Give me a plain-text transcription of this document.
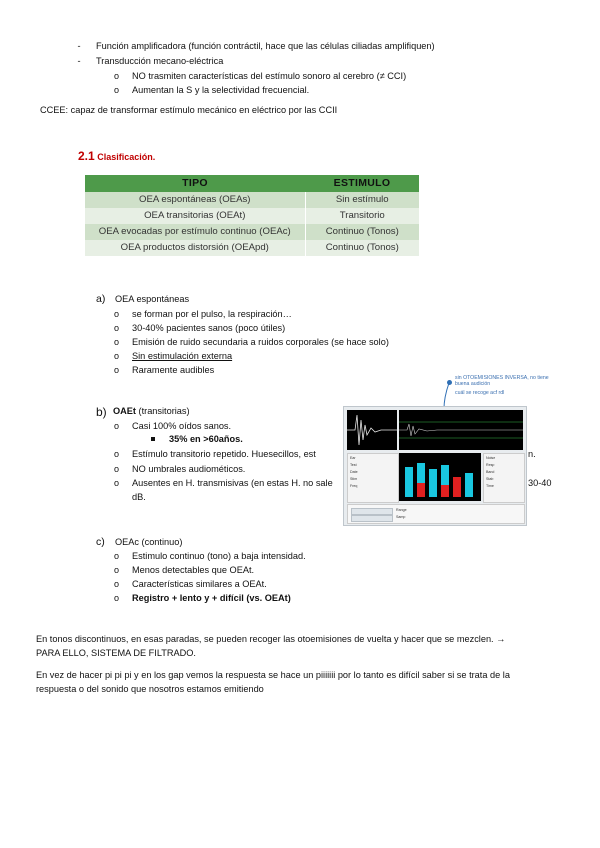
-	Función amplificadora (función contráctil, hace que las células ciliadas amplifiquen)
-	Transducción mecano-eléctrica
o NO trasmiten características del estímulo sonoro al cerebro (≠ CCI)
o Aumentan la S y la selectividad frecuencial.
CCEE: capaz de transformar estímulo mecánico en eléctrico por las CCII
2.1 Clasificación.
TIPO	ESTIMULO
OEA espontáneas (OEAs)	Sin estímulo
OEA transitorias (OEAt)	Transitorio
OEA evocadas por estímulo continuo (OEAc)	Continuo (Tonos)
OEA productos distorsión (OEApd)	Continuo (Tonos)
a) OEA espontáneas
o se forman por el pulso, la respiración…
o 30-40% pacientes sanos (poco útiles)
o Emisión de ruido secundaria a ruidos corporales (se hace solo)
o Sin estimulación externa
o Raramente audibles
b) OAEt (transitorias)
o Casi 100% oídos sanos.
35% en >60años.
o Estímulo transitorio repetido. Huesecillos, est	n.
o NO umbrales audiométicos.
o Ausentes en H. transmisivas (en estas H. no sale	30-40
dB.
sin OTOEMISIONES INVERSA, no tiene buena audición
cuál se recoge acf rdl
Ear
Test
Date
Stim
Freq
Noise
Resp
Band
Stab
Time
Range
Samp
c) OEAc (continuo)
o Estimulo continuo (tono) a baja intensidad.
o Menos detectables que OEAt.
o Características similares a OEAt.
o Registro + lento y + difícil (vs. OEAt)
En tonos discontinuos, en esas paradas, se pueden recoger las otoemisiones de vuelta y hacer que se mezclen. →
PARA ELLO, SISTEMA DE FILTRADO.
En vez de hacer pi pi pi y en los gap vemos la respuesta se hace un piiiiiii por lo tanto es difícil saber si se trata de la
respuesta o del sonido que nosotros estamos emitiendo
